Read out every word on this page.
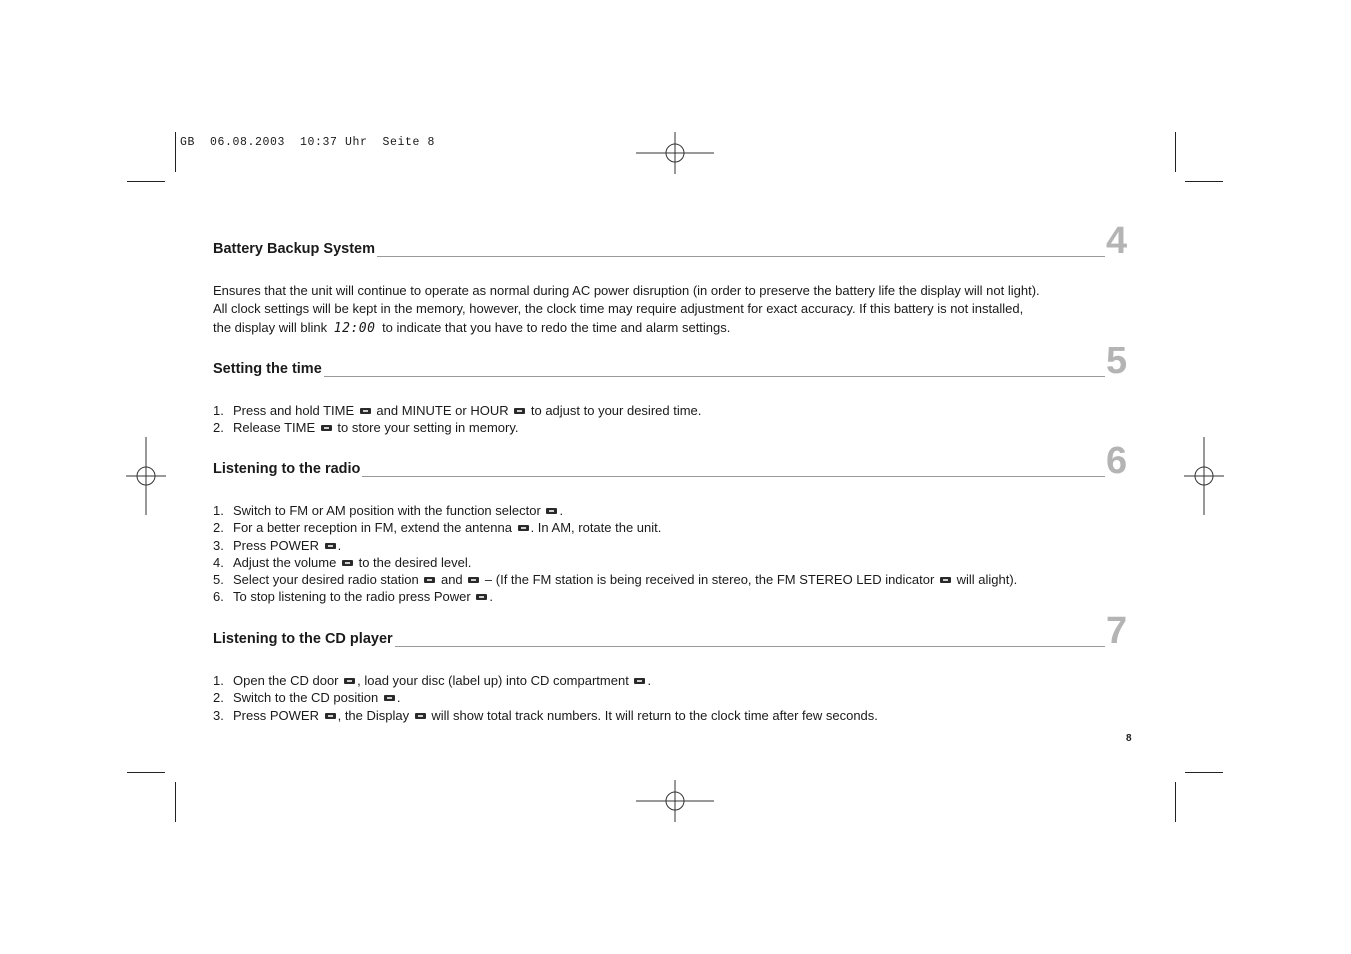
GB  06.08.2003  10:37 Uhr  Seite 8
Battery Backup System	4
Ensures that the unit will continue to operate as normal during AC power disruption (in order to preserve the battery life the display will not light).
All clock settings will be kept in the memory, however, the clock time may require adjustment for exact accuracy. If this battery is not installed,
the display will blink 12:00 to indicate that you have to redo the time and alarm settings.
Setting the time	5
1. Press and hold TIME and MINUTE or HOUR to adjust to your desired time.
2. Release TIME to store your setting in memory.
Listening to the radio	6
1. Switch to FM or AM position with the function selector .
2. For a better reception in FM, extend the antenna . In AM, rotate the unit.
3. Press POWER .
4. Adjust the volume to the desired level.
5. Select your desired radio station and – (If the FM station is being received in stereo, the FM STEREO LED indicator will alight).
6. To stop listening to the radio press Power .
Listening to the CD player	7
1. Open the CD door , load your disc (label up) into CD compartment .
2. Switch to the CD position .
3. Press POWER , the Display will show total track numbers. It will return to the clock time after few seconds.
8
